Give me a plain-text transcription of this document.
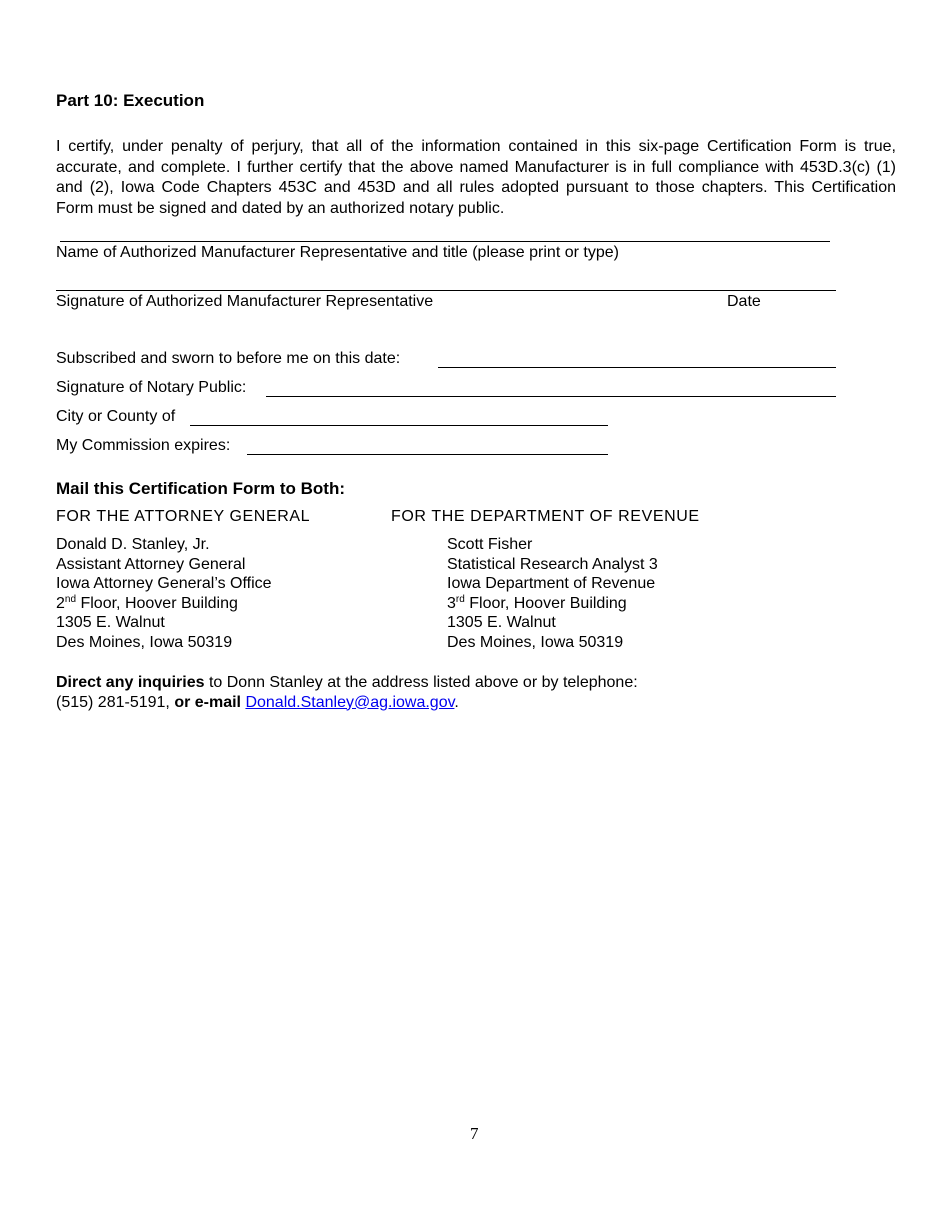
Part 10: Execution
I certify, under penalty of perjury, that all of the information contained in this six-page Certification Form is true,
accurate, and complete. I further certify that the above named Manufacturer is in full compliance with 453D.3(c) (1)
and (2), Iowa Code Chapters 453C and 453D and all rules adopted pursuant to those chapters. This Certification
Form must be signed and dated by an authorized notary public.
Name of Authorized Manufacturer Representative and title (please print or type)
Signature of Authorized Manufacturer Representative	Date
Subscribed and sworn to before me on this date:
Signature of Notary Public:
City or County of
My Commission expires:
Mail this Certification Form to Both:
FOR THE ATTORNEY GENERAL	FOR THE DEPARTMENT OF REVENUE
Donald D. Stanley, Jr.
Assistant Attorney General
Iowa Attorney General’s Office
2nd Floor, Hoover Building
1305 E. Walnut
Des Moines, Iowa 50319
Scott Fisher
Statistical Research Analyst 3
Iowa Department of Revenue
3rd Floor, Hoover Building
1305 E. Walnut
Des Moines, Iowa 50319
Direct any inquiries to Donn Stanley at the address listed above or by telephone:
(515) 281-5191, or e-mail Donald.Stanley@ag.iowa.gov.
7
